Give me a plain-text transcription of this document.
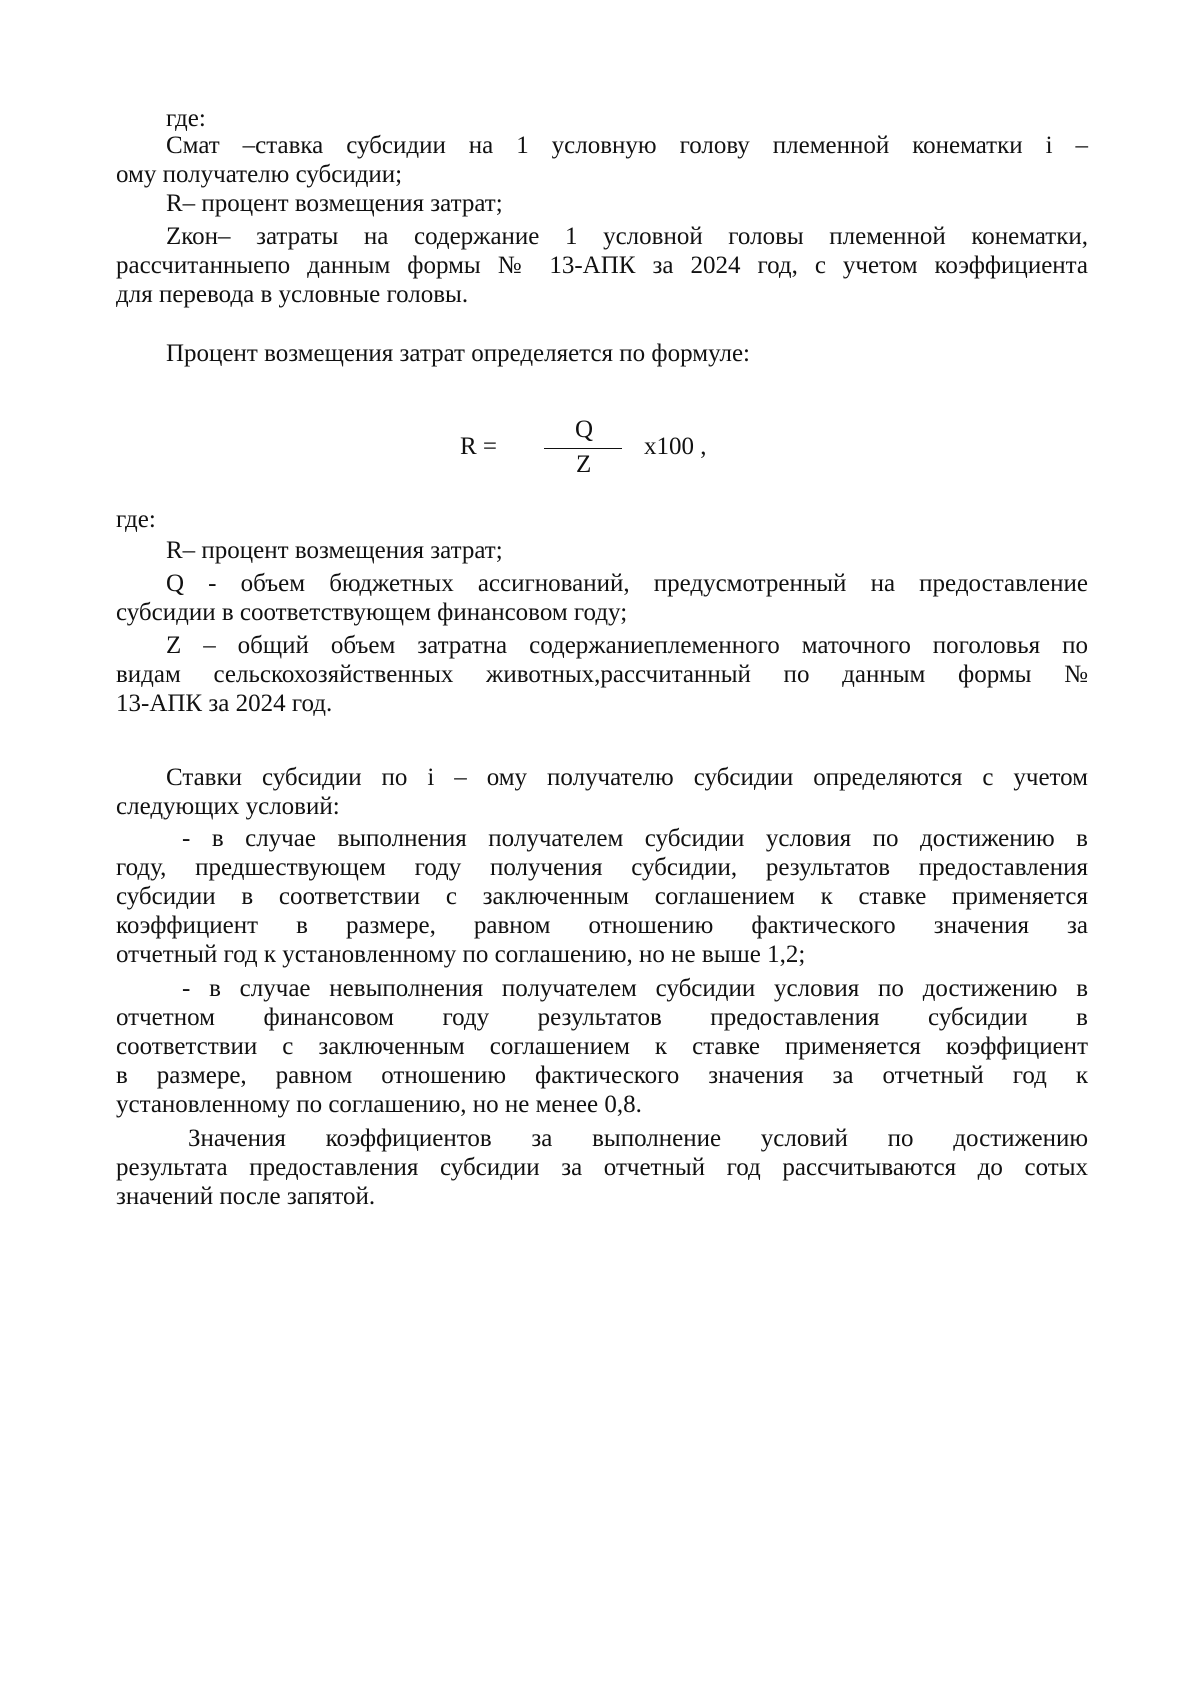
где:
Смат –ставка субсидии на 1 условную голову племенной конематки i –
ому получателю субсидии;
R– процент возмещения затрат;
Zкон– затраты на содержание 1 условной головы племенной конематки,
рассчитанныепо данным формы № 13-АПК за 2024 год, с учетом коэффициента
для перевода в условные головы.
Процент возмещения затрат определяется по формуле:
R =
Q
Z
x100 ,
где:
R– процент возмещения затрат;
Q - объем бюджетных ассигнований, предусмотренный на предоставление
субсидии в соответствующем финансовом году;
Z – общий объем затратна содержаниеплеменного маточного поголовья по
видам сельскохозяйственных животных,рассчитанный по данным формы №
13-АПК за 2024 год.
Ставки субсидии по i – ому получателю субсидии определяются с учетом
следующих условий:
- в случае выполнения получателем субсидии условия по достижению в
году, предшествующем году получения субсидии, результатов предоставления
субсидии в соответствии с заключенным соглашением к ставке применяется
коэффициент в размере, равном отношению фактического значения за
отчетный год к установленному по соглашению, но не выше 1,2;
- в случае невыполнения получателем субсидии условия по достижению в
отчетном финансовом году результатов предоставления субсидии в
соответствии с заключенным соглашением к ставке применяется коэффициент
в размере, равном отношению фактического значения за отчетный год к
установленному по соглашению, но не менее 0,8.
Значения коэффициентов за выполнение условий по достижению
результата предоставления субсидии за отчетный год рассчитываются до сотых
значений после запятой.
